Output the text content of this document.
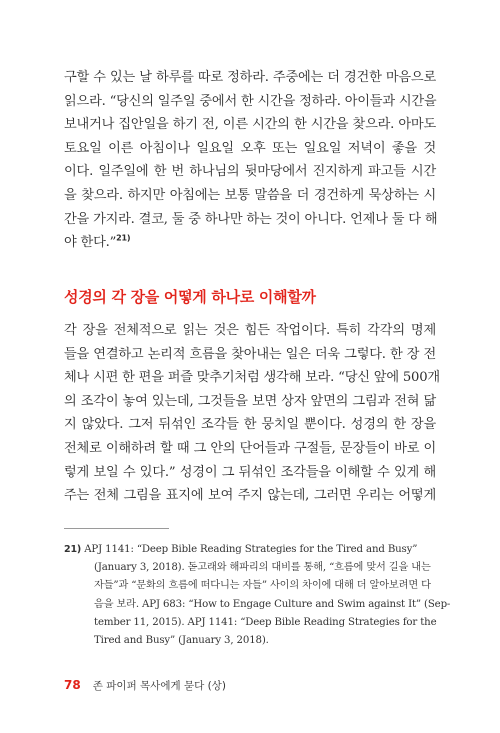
구할 수 있는 날 하루를 따로 정하라. 주중에는 더 경건한 마음으로
읽으라. “당신의 일주일 중에서 한 시간을 정하라. 아이들과 시간을
보내거나 집안일을 하기 전, 이른 시간의 한 시간을 찾으라. 아마도
토요일 이른 아침이나 일요일 오후 또는 일요일 저녁이 좋을 것
이다. 일주일에 한 번 하나님의 뒷마당에서 진지하게 파고들 시간
을 찾으라. 하지만 아침에는 보통 말씀을 더 경건하게 묵상하는 시
간을 가지라. 결코, 둘 중 하나만 하는 것이 아니다. 언제나 둘 다 해
야 한다.”$^{21)}$
성경의 각 장을 어떻게 하나로 이해할까
각 장을 전체적으로 읽는 것은 힘든 작업이다. 특히 각각의 명제
들을 연결하고 논리적 흐름을 찾아내는 일은 더욱 그렇다. 한 장 전
체나 시편 한 편을 퍼즐 맞추기처럼 생각해 보라. “당신 앞에 500개
의 조각이 놓여 있는데, 그것들을 보면 상자 앞면의 그림과 전혀 닮
지 않았다. 그저 뒤섞인 조각들 한 뭉치일 뿐이다. 성경의 한 장을
전체로 이해하려 할 때 그 안의 단어들과 구절들, 문장들이 바로 이
렇게 보일 수 있다.” 성경이 그 뒤섞인 조각들을 이해할 수 있게 해
주는 전체 그림을 표지에 보여 주지 않는데, 그러면 우리는 어떻게
21) APJ 1141: “Deep Bible Reading Strategies for the Tired and Busy”
(January 3, 2018). 돋고래와 해파리의 대비를 통해, “흐름에 맞서 길을 내는
자들”과 “문화의 흐름에 떠다니는 자들” 사이의 차이에 대해 더 알아보려면 다
음을 보라. APJ 683: “How to Engage Culture and Swim against It” (Sep-
tember 11, 2015). APJ 1141: “Deep Bible Reading Strategies for the
Tired and Busy” (January 3, 2018).
78 존 파이퍼 목사에게 묻다 (상)
